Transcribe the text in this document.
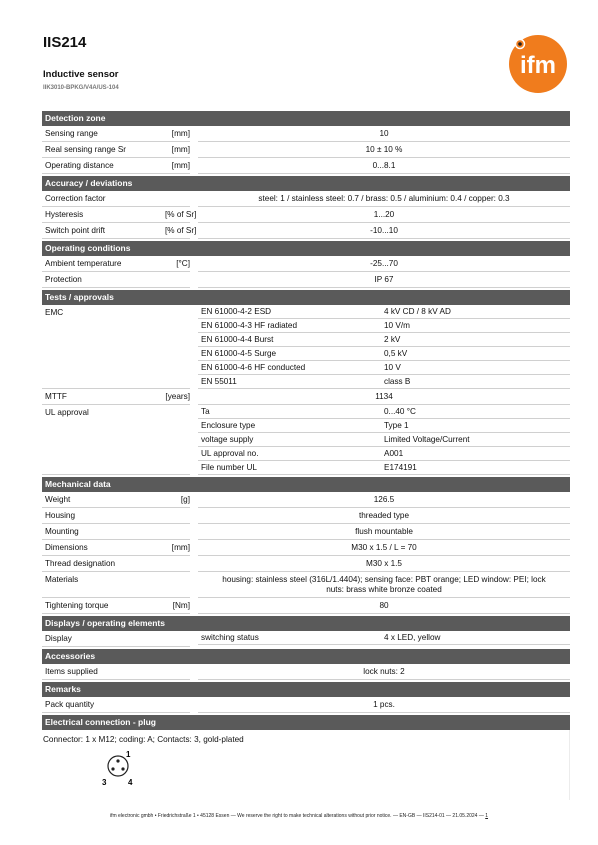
IIS214
Inductive sensor
IIK3010-BPKG/V4A/US-104
ifm
Detection zone
Sensing range	[mm]	10
Real sensing range Sr	[mm]	10 ± 10 %
Operating distance	[mm]	0...8.1
Accuracy / deviations
Correction factor	steel: 1 / stainless steel: 0.7 / brass: 0.5 / aluminium: 0.4 / copper: 0.3
Hysteresis	[% of Sr]	1...20
Switch point drift	[% of Sr]	-10...10
Operating conditions
Ambient temperature	[°C]	-25...70
Protection	IP 67
Tests / approvals
EMC	EN 61000-4-2 ESD	4 kV CD / 8 kV AD
EN 61000-4-3 HF radiated	10 V/m
EN 61000-4-4 Burst	2 kV
EN 61000-4-5 Surge	0,5 kV
EN 61000-4-6 HF conducted	10 V
EN 55011	class B
MTTF	[years]	1134
UL approval	Ta	0...40 °C
Enclosure type	Type 1
voltage supply	Limited Voltage/Current
UL approval no.	A001
File number UL	E174191
Mechanical data
Weight	[g]	126.5
Housing	threaded type
Mounting	flush mountable
Dimensions	[mm]	M30 x 1.5 / L = 70
Thread designation	M30 x 1.5
Materials	housing: stainless steel (316L/1.4404); sensing face: PBT orange; LED window: PEI; lock nuts: brass white bronze coated
Tightening torque	[Nm]	80
Displays / operating elements
Display	switching status	4 x LED, yellow
Accessories
Items supplied	lock nuts: 2
Remarks
Pack quantity	1 pcs.
Electrical connection - plug
Connector: 1 x M12; coding: A; Contacts: 3, gold-plated
1
3	4
ifm electronic gmbh • Friedrichstraße 1 • 45128 Essen — We reserve the right to make technical alterations without prior notice. — EN-GB — IIS214-01 — 21.05.2024 — 1
